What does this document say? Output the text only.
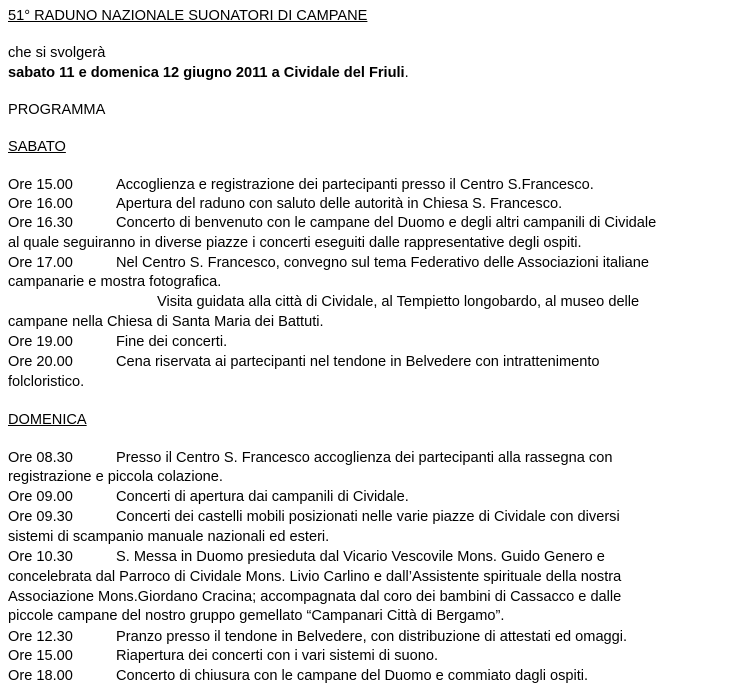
51° RADUNO NAZIONALE SUONATORI DI CAMPANE
che si svolgerà
sabato 11 e domenica 12 giugno 2011 a Cividale del Friuli.
PROGRAMMA
SABATO
Ore 15.00	Accoglienza e registrazione dei partecipanti presso il Centro S.Francesco.
Ore 16.00	Apertura del raduno con saluto delle autorità in Chiesa S. Francesco.
Ore 16.30	Concerto di benvenuto con le campane del Duomo e degli altri campanili di Cividale
al quale seguiranno in diverse piazze i concerti eseguiti dalle rappresentative degli ospiti.
Ore 17.00	Nel Centro S. Francesco, convegno sul tema Federativo delle Associazioni italiane
campanarie e mostra fotografica.
Visita guidata alla città di Cividale, al Tempietto longobardo, al museo delle
campane nella Chiesa di Santa Maria dei Battuti.
Ore 19.00	Fine dei concerti.
Ore 20.00	Cena riservata ai partecipanti nel tendone in Belvedere con intrattenimento
folcloristico.
DOMENICA
Ore 08.30	Presso il Centro S. Francesco accoglienza dei partecipanti alla rassegna con
registrazione e piccola colazione.
Ore 09.00	Concerti di apertura dai campanili di Cividale.
Ore 09.30	Concerti dei castelli mobili posizionati nelle varie piazze di Cividale con diversi
sistemi di scampanio manuale nazionali ed esteri.
Ore 10.30	S. Messa in Duomo presieduta dal Vicario Vescovile Mons. Guido Genero e
concelebrata dal Parroco di Cividale Mons. Livio Carlino e dall’Assistente spirituale della nostra
Associazione Mons.Giordano Cracina; accompagnata dal coro dei bambini di Cassacco e dalle
piccole campane del nostro gruppo gemellato “Campanari Città di Bergamo”.
Ore 12.30	Pranzo presso il tendone in Belvedere, con distribuzione di attestati ed omaggi.
Ore 15.00	Riapertura dei concerti con i vari sistemi di suono.
Ore 18.00	Concerto di chiusura con le campane del Duomo e commiato dagli ospiti.
